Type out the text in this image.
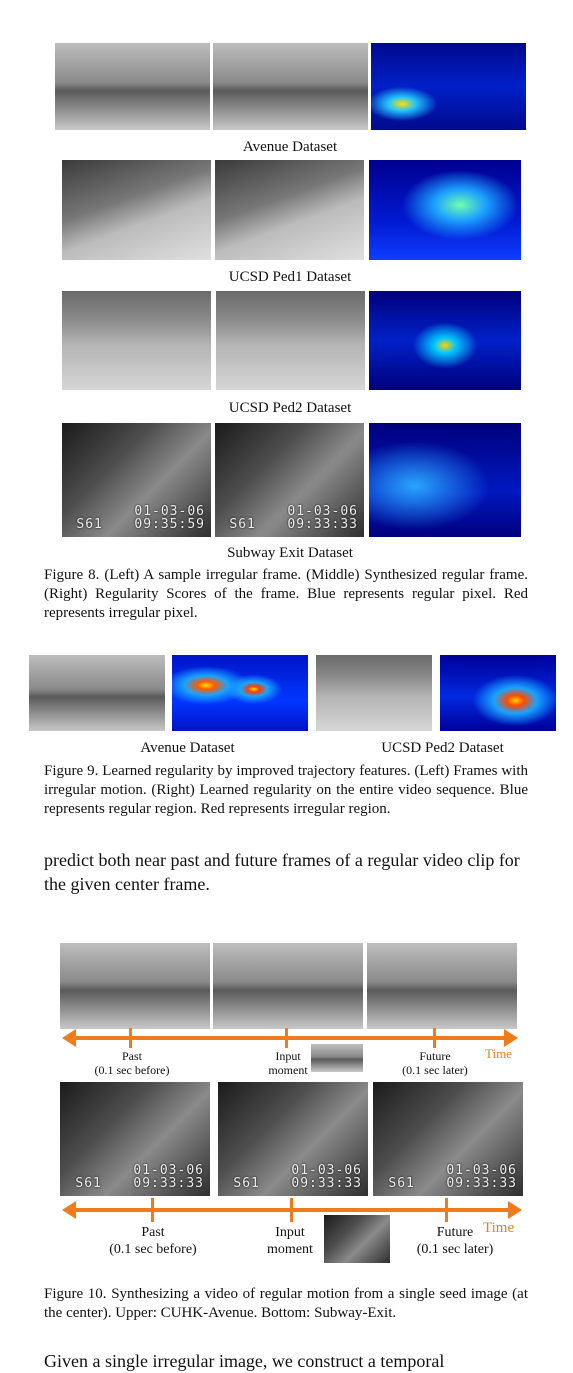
Avenue Dataset
UCSD Ped1 Dataset
UCSD Ped2 Dataset
S61
01-03-06
09:35:59 S61
01-03-06
09:33:33
Subway Exit Dataset
Figure 8. (Left) A sample irregular frame. (Middle) Synthesized regular frame. (Right) Regularity Scores of the frame. Blue represents regular pixel. Red represents irregular pixel.
Avenue Dataset	UCSD Ped2 Dataset
Figure 9. Learned regularity by improved trajectory features. (Left) Frames with irregular motion. (Right) Learned regularity on the entire video sequence. Blue represents regular region. Red represents irregular region.
predict both near past and future frames of a regular video clip for the given center frame.
Past
(0.1 sec before)
Input
moment
Future
(0.1 sec later)
Time
S61
01-03-06
09:33:33 S61
01-03-06
09:33:33 S61
01-03-06
09:33:33
Past
(0.1 sec before)
Input
moment
Future
(0.1 sec later)
Time
Figure 10. Synthesizing a video of regular motion from a single seed image (at the center). Upper: CUHK-Avenue. Bottom: Subway-Exit.
Given a single irregular image, we construct a temporal
